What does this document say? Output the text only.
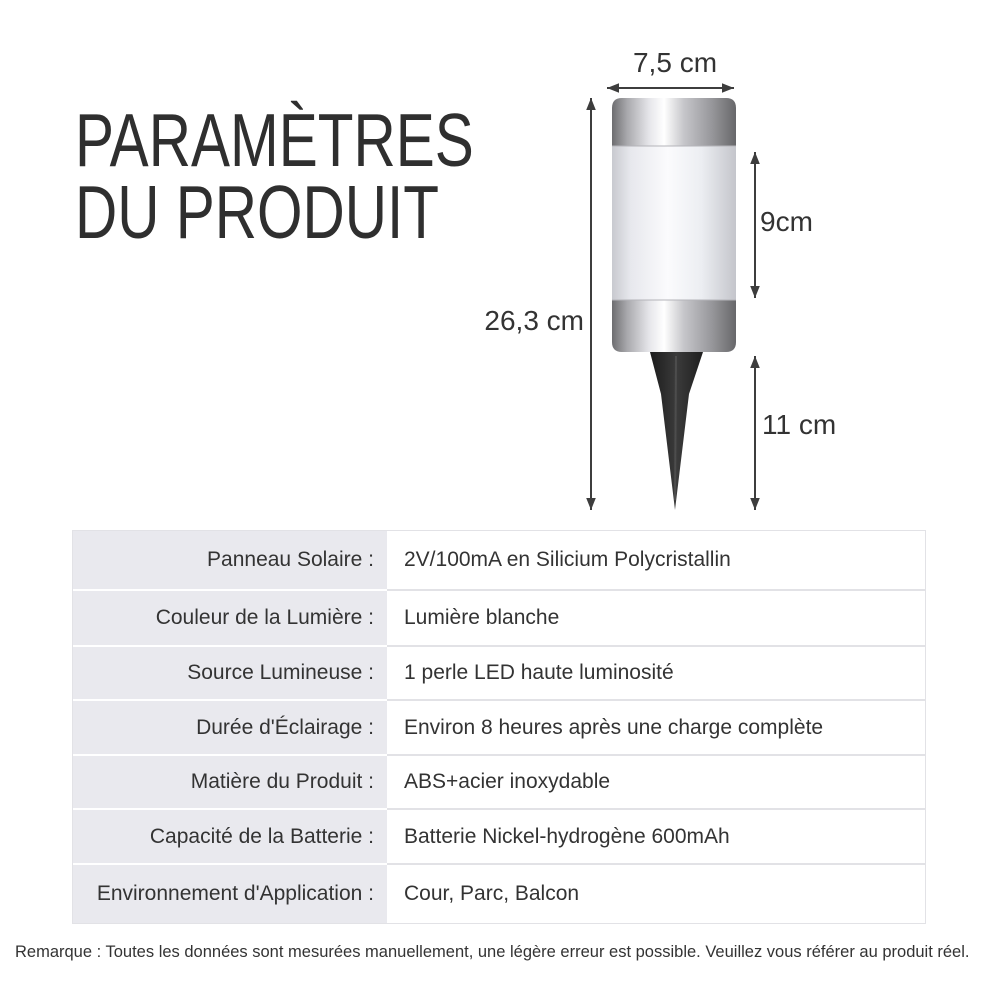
PARAMÈTRES
DU PRODUIT
7,5 cm
26,3 cm
9cm
11 cm
Panneau Solaire :	2V/100mA en Silicium Polycristallin
Couleur de la Lumière :	Lumière blanche
Source Lumineuse :	1 perle LED haute luminosité
Durée d'Éclairage :	Environ 8 heures après une charge complète
Matière du Produit :	ABS+acier inoxydable
Capacité de la Batterie :	Batterie Nickel-hydrogène 600mAh
Environnement d'Application :	Cour, Parc, Balcon
Remarque : Toutes les données sont mesurées manuellement, une légère erreur est possible. Veuillez vous référer au produit réel.
